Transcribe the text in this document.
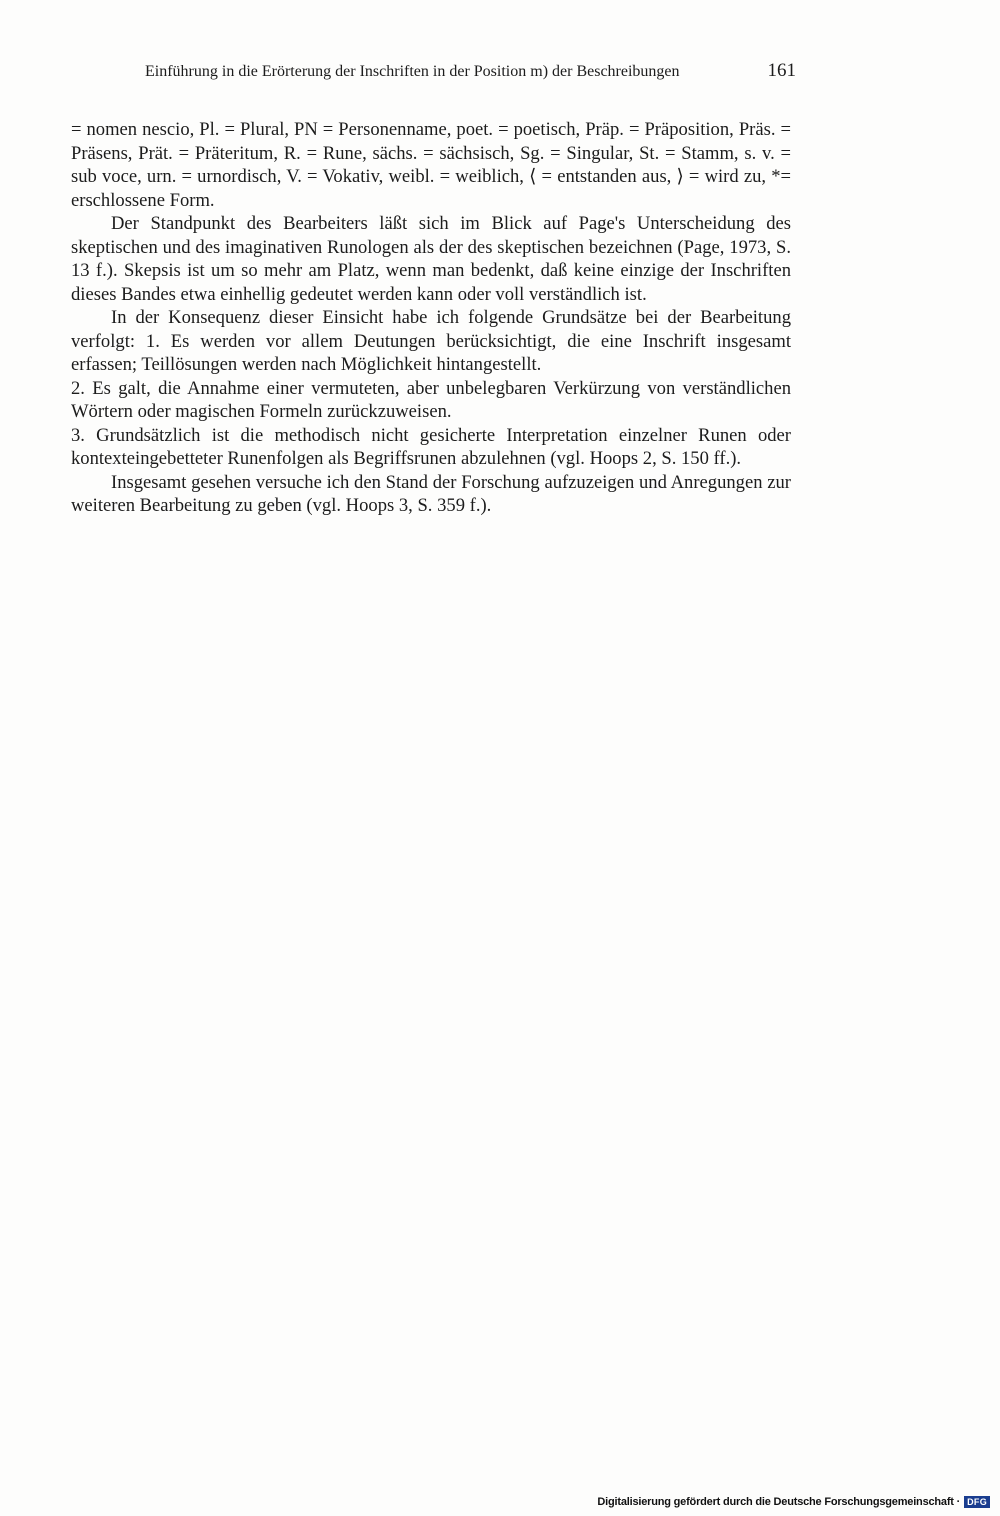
Einführung in die Erörterung der Inschriften in der Position m) der Beschreibungen	161

= nomen nescio, Pl. = Plural, PN = Personenname, poet. = poetisch, Präp. = Präposition, Präs. = Präsens, Prät. = Präteritum, R. = Rune, sächs. = sächsisch, Sg. = Singular, St. = Stamm, s. v. = sub voce, urn. = urnordisch, V. = Vokativ, weibl. = weiblich, ⟨ = entstanden aus, ⟩ = wird zu, *= erschlossene Form.

Der Standpunkt des Bearbeiters läßt sich im Blick auf Page's Unterscheidung des skeptischen und des imaginativen Runologen als der des skeptischen bezeichnen (Page, 1973, S. 13 f.). Skepsis ist um so mehr am Platz, wenn man bedenkt, daß keine einzige der Inschriften dieses Bandes etwa einhellig gedeutet werden kann oder voll verständlich ist.

In der Konsequenz dieser Einsicht habe ich folgende Grundsätze bei der Bearbeitung verfolgt: 1. Es werden vor allem Deutungen berücksichtigt, die eine Inschrift insgesamt erfassen; Teillösungen werden nach Möglichkeit hintangestellt.

2. Es galt, die Annahme einer vermuteten, aber unbelegbaren Verkürzung von verständlichen Wörtern oder magischen Formeln zurückzuweisen.

3. Grundsätzlich ist die methodisch nicht gesicherte Interpretation einzelner Runen oder kontexteingebetteter Runenfolgen als Begriffsrunen abzulehnen (vgl. Hoops 2, S. 150 ff.).

Insgesamt gesehen versuche ich den Stand der Forschung aufzuzeigen und Anregungen zur weiteren Bearbeitung zu geben (vgl. Hoops 3, S. 359 f.).

Digitalisierung gefördert durch die Deutsche Forschungsgemeinschaft · DFG
